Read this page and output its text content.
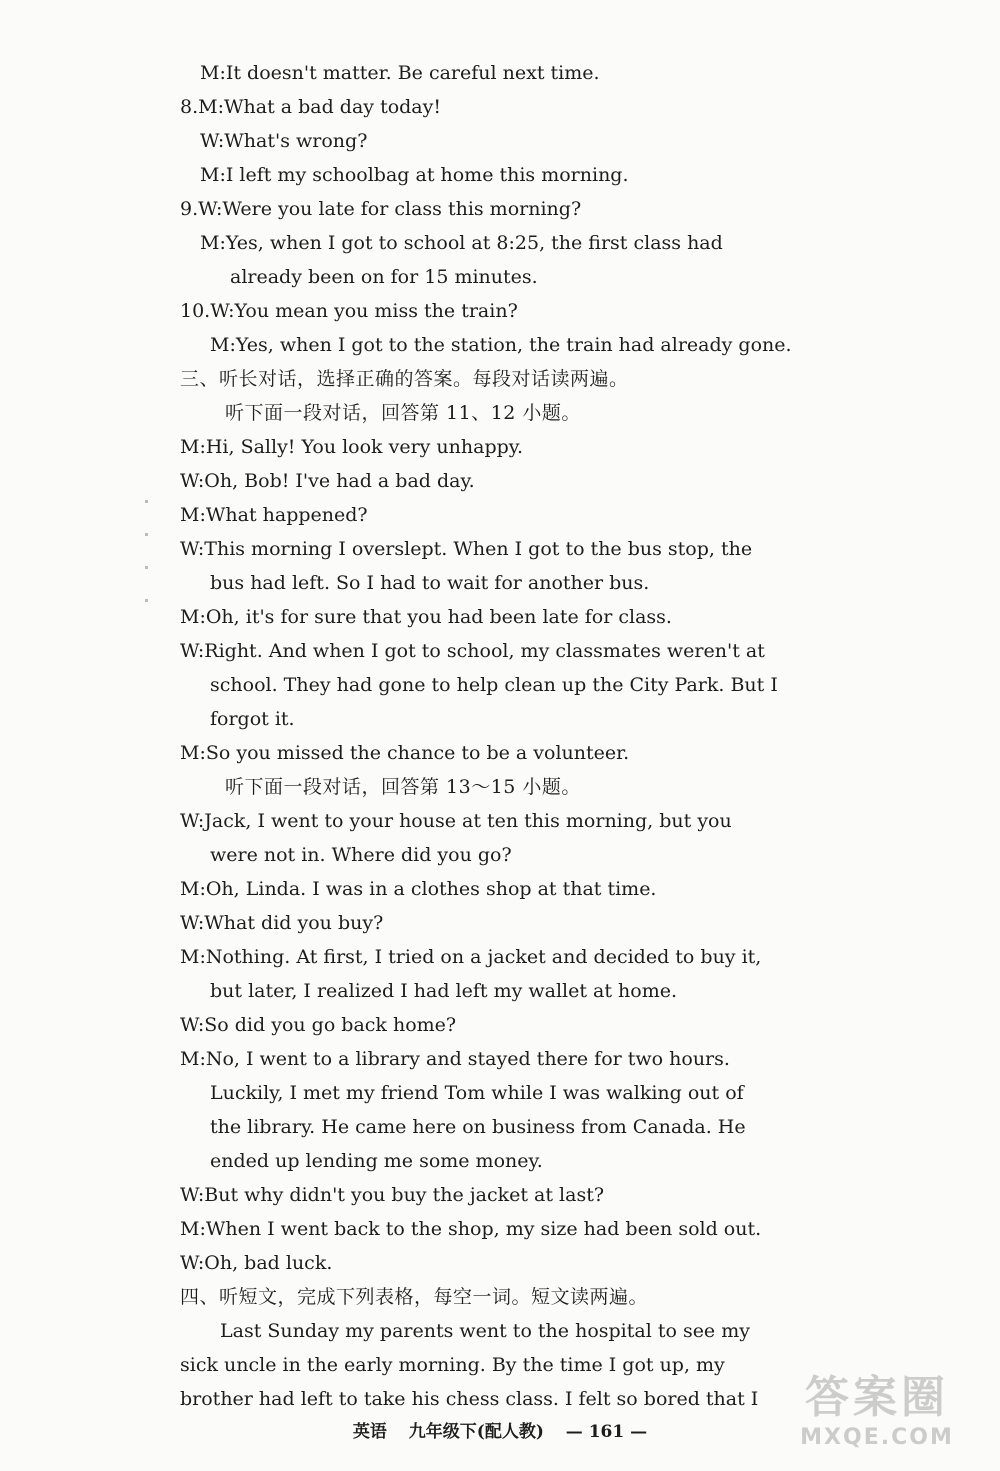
M:It doesn't matter. Be careful next time.
8.M:What a bad day today!
W:What's wrong?
M:I left my schoolbag at home this morning.
9.W:Were you late for class this morning?
M:Yes, when I got to school at 8:25, the first class had
already been on for 15 minutes.
10.W:You mean you miss the train?
M:Yes, when I got to the station, the train had already gone.
三、听长对话，选择正确的答案。每段对话读两遍。
听下面一段对话，回答第 11、12 小题。
M:Hi, Sally! You look very unhappy.
W:Oh, Bob! I've had a bad day.
M:What happened?
W:This morning I overslept. When I got to the bus stop, the
bus had left. So I had to wait for another bus.
M:Oh, it's for sure that you had been late for class.
W:Right. And when I got to school, my classmates weren't at
school. They had gone to help clean up the City Park. But I
forgot it.
M:So you missed the chance to be a volunteer.
听下面一段对话，回答第 13～15 小题。
W:Jack, I went to your house at ten this morning, but you
were not in. Where did you go?
M:Oh, Linda. I was in a clothes shop at that time.
W:What did you buy?
M:Nothing. At first, I tried on a jacket and decided to buy it,
but later, I realized I had left my wallet at home.
W:So did you go back home?
M:No, I went to a library and stayed there for two hours.
Luckily, I met my friend Tom while I was walking out of
the library. He came here on business from Canada. He
ended up lending me some money.
W:But why didn't you buy the jacket at last?
M:When I went back to the shop, my size had been sold out.
W:Oh, bad luck.
四、听短文，完成下列表格，每空一词。短文读两遍。
Last Sunday my parents went to the hospital to see my
sick uncle in the early morning. By the time I got up, my
brother had left to take his chess class. I felt so bored that I
英语 九年级下(配人教) — 161 —
答案圈
MXQE.COM
